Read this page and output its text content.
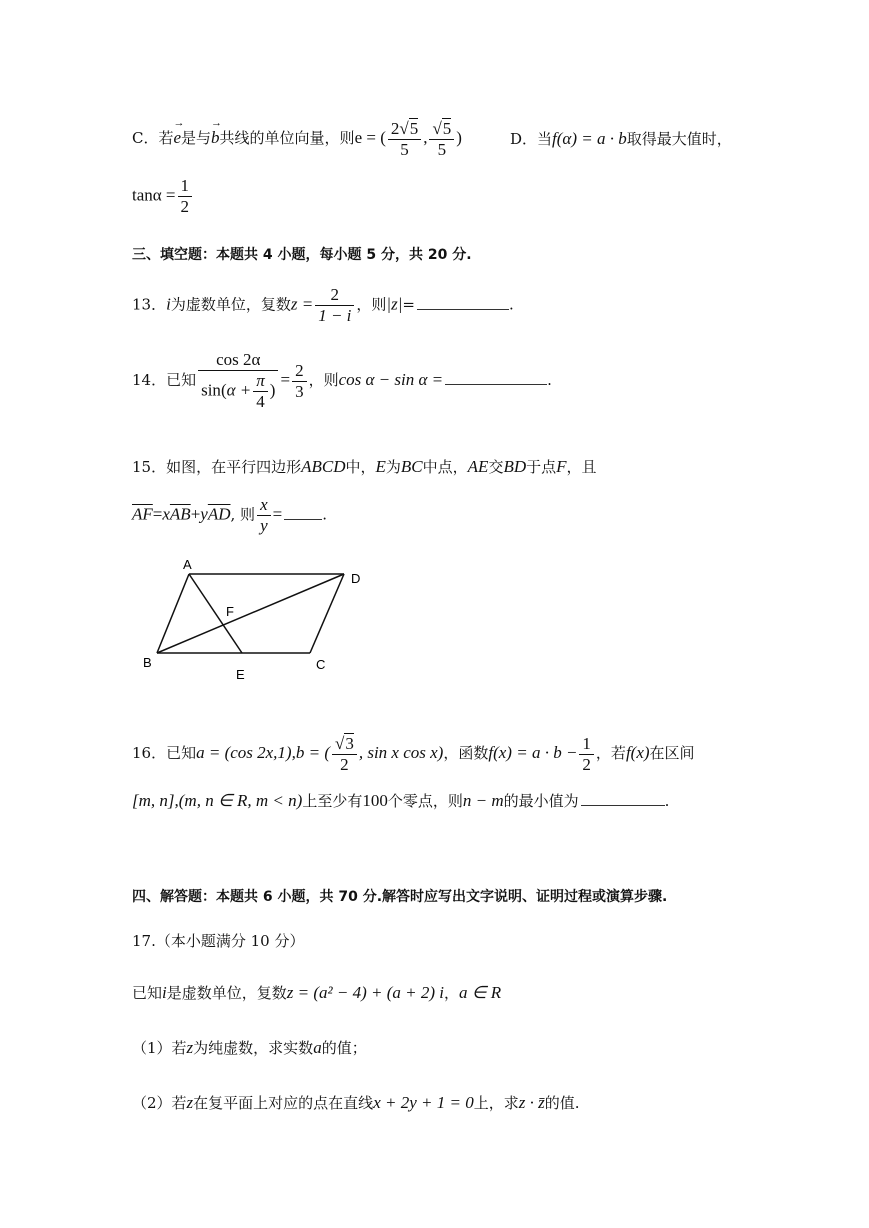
C．若→ e是与→ b共线的单位向量，则e = ( $\frac{2√5}{5}$ , $\frac{√5}{5}$ )	D．当f(α) = a · b取得最大值时，
$\tan\alpha = \frac{1}{2}$
三、填空题：本题共 4 小题，每小题 5 分，共 20 分.
13．i为虚数单位，复数$z = \frac{2}{1 - i}$ ，则|z|=	.
14．已知 $\frac{\cos 2\alpha}{\sin(\alpha + \frac{\pi}{4} )} = \frac{2}{3}$ ，则cos α − sin α =	.
15．如图，在平行四边形ABCD中，E为BC中点，AE交BD于点F，且
$\overline{AF}=x\overline{AB}+y\overline{AD}$, 则 $\frac{x}{y}$ =	.
A
D
F
B	C
E
16．已知a = (cos 2x,1),b = ( $\frac{√3}{2}$ , sin x cos x)，函数$f(x) = a \cdot b - \frac{1}{2}$ ，若f(x)在区间
[m, n],(m, n ∈ R, m < n)上至少有100个零点，则n − m的最小值为	.
四、解答题：本题共 6 小题，共 70 分.解答时应写出文字说明、证明过程或演算步骤.
17.（本小题满分 10 分）
已知i是虚数单位，复数z = (a² − 4) + (a + 2) i，a ∈ R
（1）若z为纯虚数，求实数a的值；
（2）若z在复平面上对应的点在直线x + 2y + 1 = 0上，求z · z̄的值.
